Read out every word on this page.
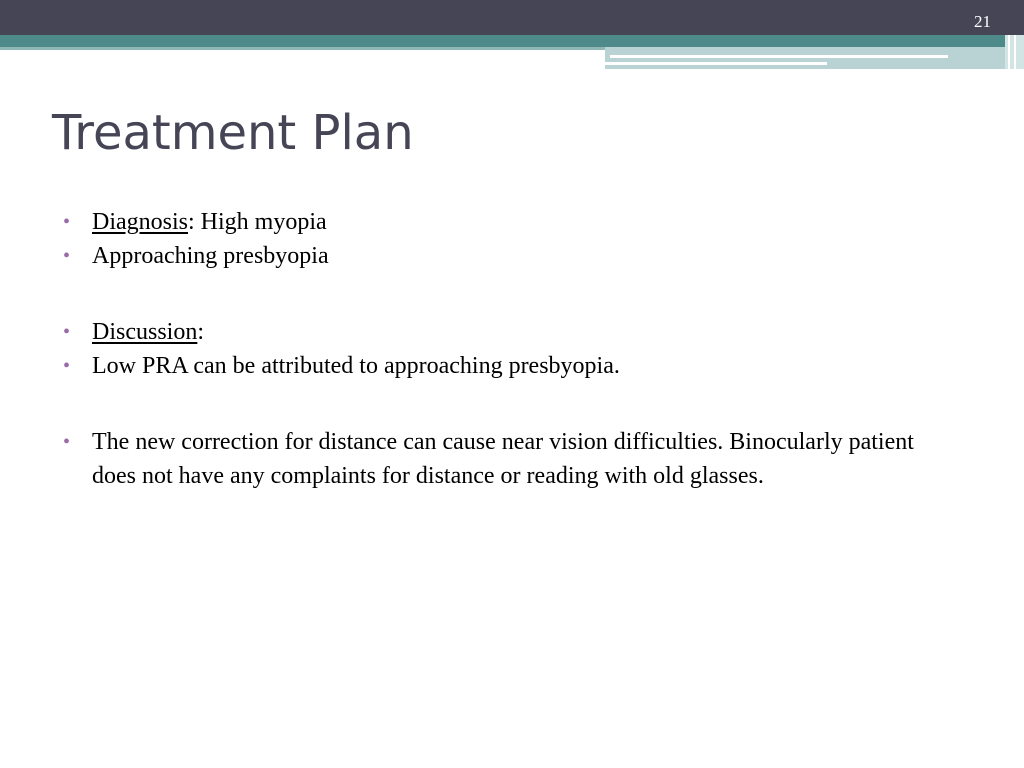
21
Treatment Plan
• Diagnosis: High myopia
• Approaching presbyopia
• Discussion:
• Low PRA can be attributed to approaching presbyopia.
• The new correction for distance can cause near vision difficulties. Binocularly patient does not have any complaints for distance or reading with old glasses.
